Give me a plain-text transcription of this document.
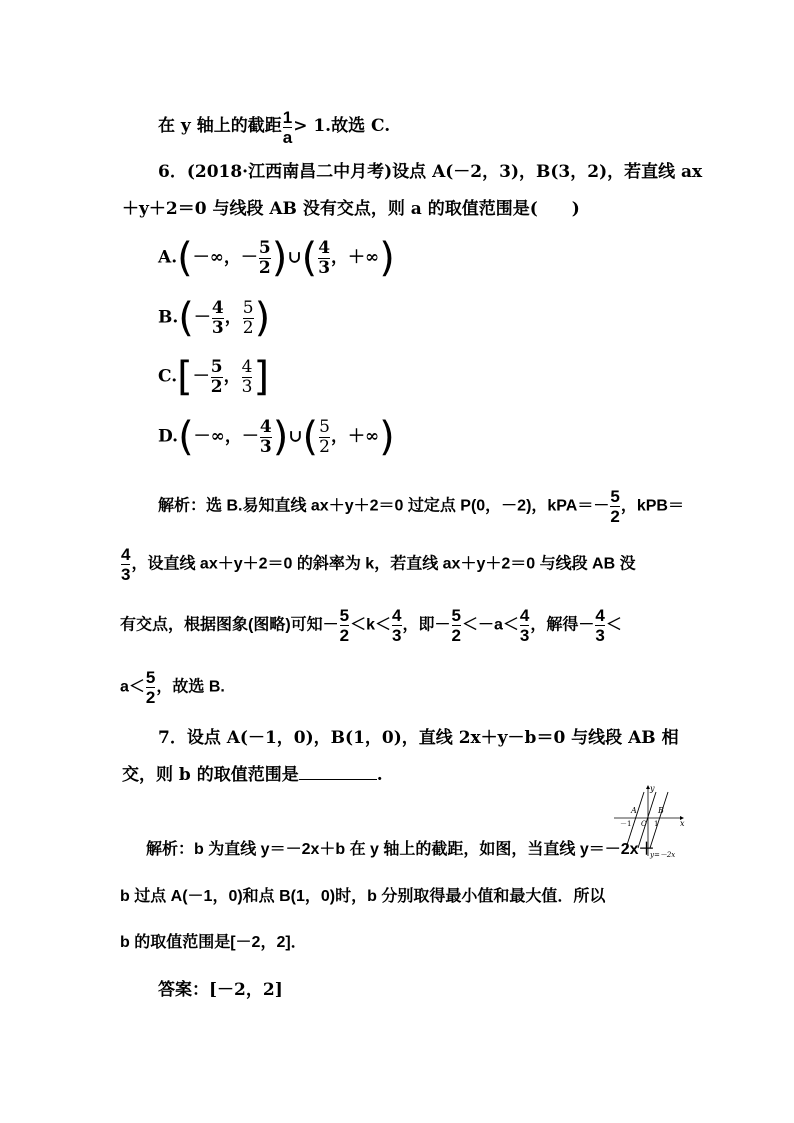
在 y 轴上的截距 $\frac{1}{a} > 1$.故选 C.
6．(2018·江西南昌二中月考)设点 A(－2，3)，B(3，2)，若直线 ax
＋y＋2＝0 与线段 AB 没有交点，则 a 的取值范围是(　　)
A.(－∞，－ $\frac{5}{2}$ )∪( $\frac{4}{3}$ ，＋∞)
$B.(- \frac{4}{3}$ ， $\frac{5}{2}$ )
$C.[- \frac{5}{2}$ ， $\frac{4}{3}$ ]
D.(－∞，－ $\frac{4}{3}$ )∪( $\frac{5}{2}$ ，＋∞)
解析：选 B.易知直线 ax＋y＋2＝0 过定点 P(0，－2)，$kPA=- \frac{5}{2}$ ，kPB＝
$\frac{4}{3}$ ，设直线 ax＋y＋2＝0 的斜率为 k，若直线 ax＋y＋2＝0 与线段 AB 没
有交点，根据图象(图略)可知－ $\frac{5}{2} <k< \frac{4}{3}$ ，即－ $\frac{5}{2} <-a< \frac{4}{3}$ ，解得－ $\frac{4}{3}$ ＜
$a< \frac{5}{2}$ ，故选 B.
7．设点 A(－1，0)，B(1，0)，直线 2x＋y－b＝0 与线段 AB 相
交，则 b 的取值范围是	.
y
x
A	B
O
－1	1
y=－2x
解析：b 为直线 y＝－2x＋b 在 y 轴上的截距，如图，当直线 y＝－2x＋
b 过点 A(－1，0)和点 B(1，0)时，b 分别取得最小值和最大值．所以
b 的取值范围是[－2，2]．
答案：[－2，2]
